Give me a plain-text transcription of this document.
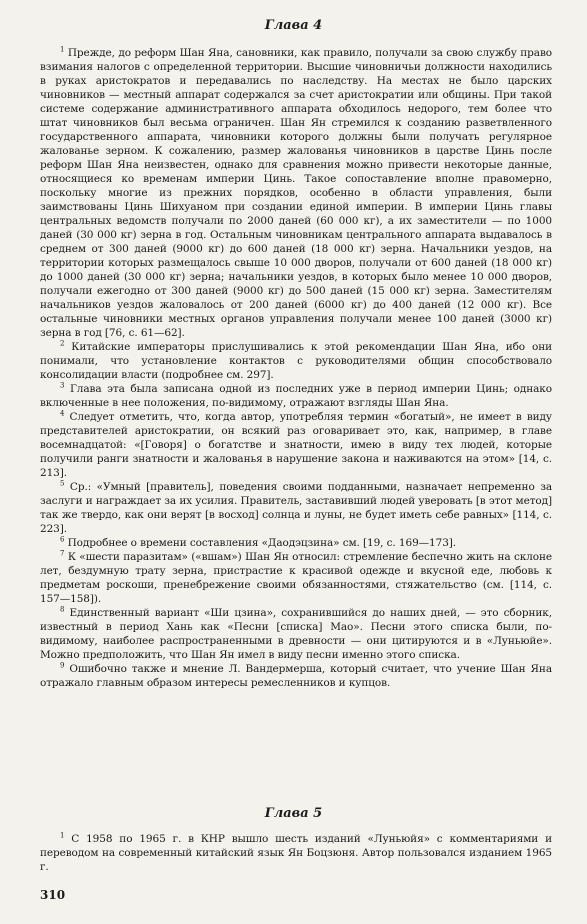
Глава 4

$^1$ Прежде, до реформ Шан Яна, сановники, как правило, получали за свою службу право взимания налогов с определенной территории. Высшие чиновничьи должности находились в руках аристократов и передавались по наследству. На местах не было царских чиновников — местный аппарат содержался за счет аристократии или общины. При такой системе содержание административного аппарата обходилось недорого, тем более что штат чиновников был весьма ограничен. Шан Ян стремился к созданию разветвленного государственного аппарата, чиновники которого должны были получать регулярное жалованье зерном. К сожалению, размер жалованья чиновников в царстве Цинь после реформ Шан Яна неизвестен, однако для сравнения можно привести некоторые данные, относящиеся ко временам империи Цинь. Такое сопоставление вполне правомерно, поскольку многие из прежних порядков, особенно в области управления, были заимствованы Цинь Шихуаном при создании единой империи. В империи Цинь главы центральных ведомств получали по 2000 даней (60 000 кг), а их заместители — по 1000 даней (30 000 кг) зерна в год. Остальным чиновникам центрального аппарата выдавалось в среднем от 300 даней (9000 кг) до 600 даней (18 000 кг) зерна. Начальники уездов, на территории которых размещалось свыше 10 000 дворов, получали от 600 даней (18 000 кг) до 1000 даней (30 000 кг) зерна; начальники уездов, в которых было менее 10 000 дворов, получали ежегодно от 300 даней (9000 кг) до 500 даней (15 000 кг) зерна. Заместителям начальников уездов жаловалось от 200 даней (6000 кг) до 400 даней (12 000 кг). Все остальные чиновники местных органов управления получали менее 100 даней (3000 кг) зерна в год [76, с. 61—62].

$^2$ Китайские императоры прислушивались к этой рекомендации Шан Яна, ибо они понимали, что установление контактов с руководителями общин способствовало консолидации власти (подробнее см. 297].

$^3$ Глава эта была записана одной из последних уже в период империи Цинь; однако включенные в нее положения, по-видимому, отражают взгляды Шан Яна.

$^4$ Следует отметить, что, когда автор, употребляя термин «богатый», не имеет в виду представителей аристократии, он всякий раз оговаривает это, как, например, в главе восемнадцатой: «[Говоря] о богатстве и знатности, имею в виду тех людей, которые получили ранги знатности и жалованья в нарушение закона и наживаются на этом» [14, с. 213].

$^5$ Ср.: «Умный [правитель], поведения своими подданными, назначает непременно за заслуги и награждает за их усилия. Правитель, заставивший людей уверовать [в этот метод] так же твердо, как они верят [в восход] солнца и луны, не будет иметь себе равных» [114, с. 223].

$^6$ Подробнее о времени составления «Даодэцзина» см. [19, с. 169—173].

$^7$ К «шести паразитам» («вшам») Шан Ян относил: стремление беспечно жить на склоне лет, бездумную трату зерна, пристрастие к красивой одежде и вкусной еде, любовь к предметам роскоши, пренебрежение своими обязанностями, стяжательство (см. [114, с. 157—158]).

$^8$ Единственный вариант «Ши цзина», сохранившийся до наших дней, — это сборник, известный в период Хань как «Песни [списка] Мао». Песни этого списка были, по-видимому, наиболее распространенными в древности — они цитируются и в «Луньюйе». Можно предположить, что Шан Ян имел в виду песни именно этого списка.

$^9$ Ошибочно также и мнение Л. Вандермерша, который считает, что учение Шан Яна отражало главным образом интересы ремесленников и купцов.

Глава 5

$^1$ С 1958 по 1965 г. в КНР вышло шесть изданий «Луньюйя» с комментариями и переводом на современный китайский язык Ян Боцзюня. Автор пользовался изданием 1965 г.

310
